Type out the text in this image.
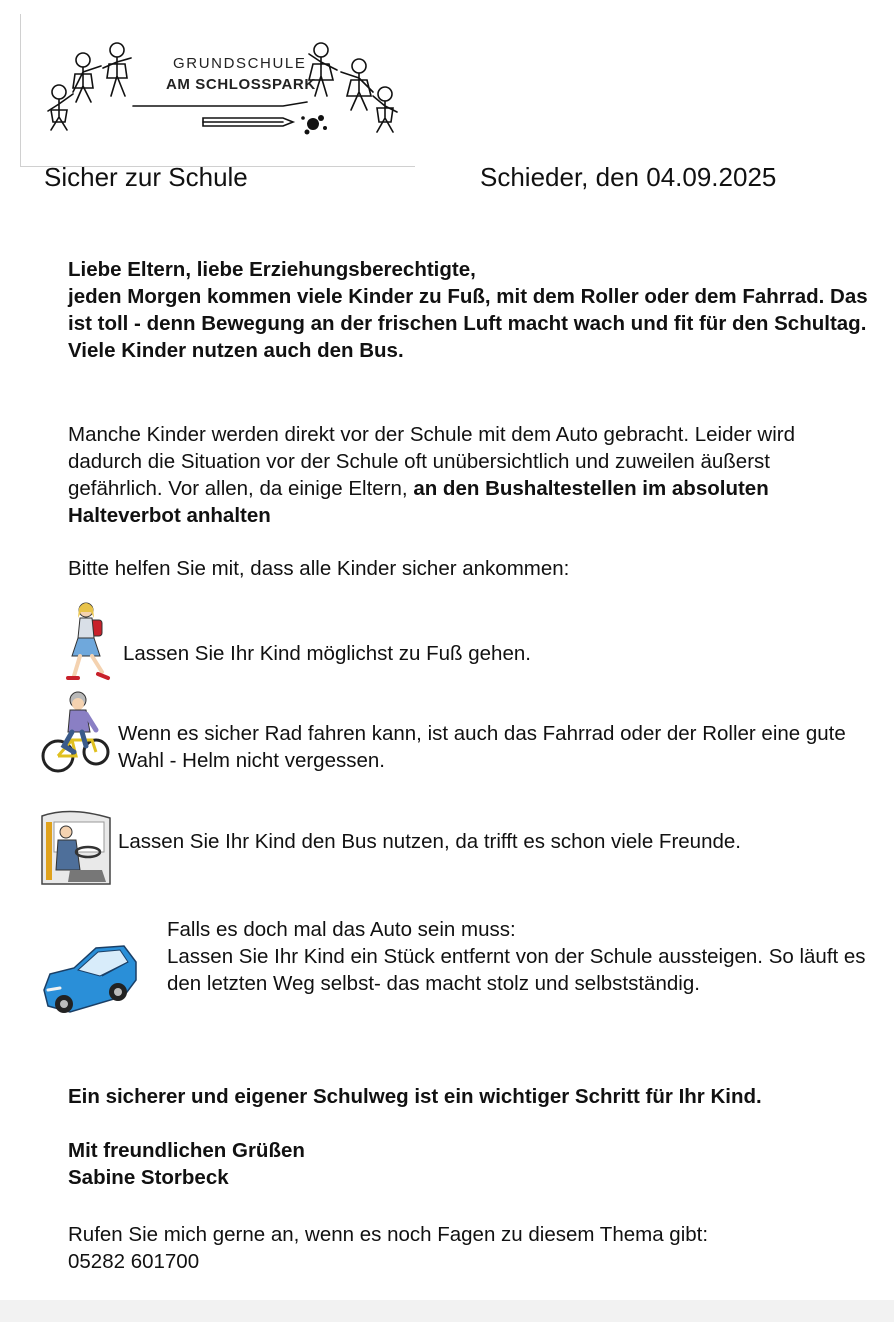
GRUNDSCHULE
AM SCHLOSSPARK
Sicher zur Schule	Schieder, den 04.09.2025
Liebe Eltern, liebe Erziehungsberechtigte,
jeden Morgen kommen viele Kinder zu Fuß, mit dem Roller oder dem Fahrrad. Das ist toll - denn Bewegung an der frischen Luft macht wach und fit für den Schultag. Viele Kinder nutzen auch den Bus.
Manche Kinder werden direkt vor der Schule mit dem Auto gebracht. Leider wird dadurch die Situation vor der Schule oft unübersichtlich und zuweilen äußerst gefährlich. Vor allen, da einige Eltern, an den Bushaltestellen im absoluten Halteverbot anhalten
Bitte helfen Sie mit, dass alle Kinder sicher ankommen:
Lassen Sie Ihr Kind möglichst zu Fuß gehen.
Wenn es sicher Rad fahren kann, ist auch das Fahrrad oder der Roller eine gute Wahl - Helm nicht vergessen.
Lassen Sie Ihr Kind den Bus nutzen, da trifft es schon viele Freunde.
Falls es doch mal das Auto sein muss:
Lassen Sie Ihr Kind ein Stück entfernt von der Schule aussteigen. So läuft es den letzten Weg selbst- das macht stolz und selbstständig.
Ein sicherer und eigener Schulweg ist ein wichtiger Schritt für Ihr Kind.
Mit freundlichen Grüßen
Sabine Storbeck
Rufen Sie mich gerne an, wenn es noch Fagen zu diesem Thema gibt:
05282 601700
